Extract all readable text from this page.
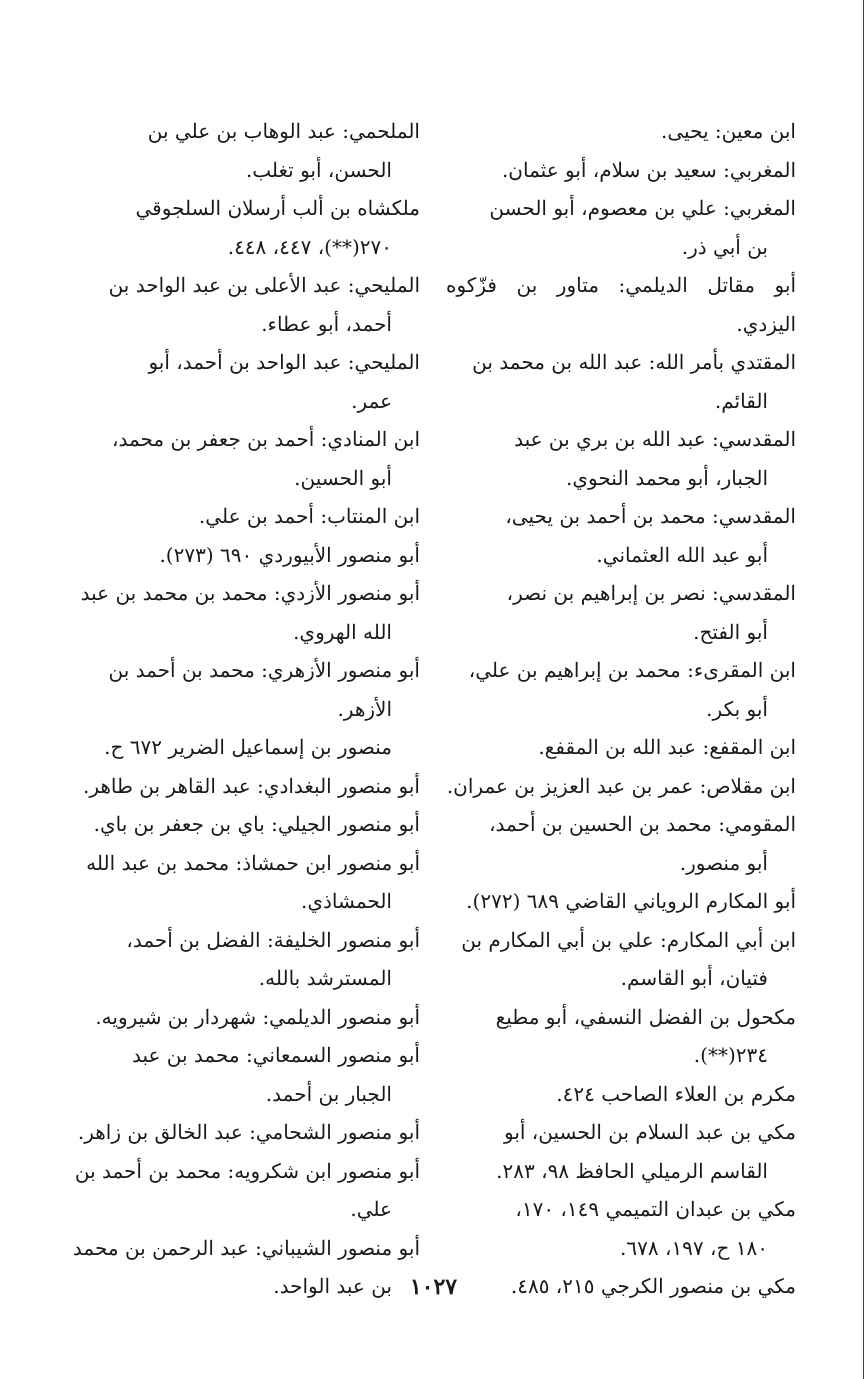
ابن معين: يحيى.
المغربي: سعيد بن سلام، أبو عثمان.
المغربي: علي بن معصوم، أبو الحسن
بن أبي ذر.
أبو مقاتل الديلمي: متاور بن فزّكوه اليزدي.
المقتدي بأمر الله: عبد الله بن محمد بن
القائم.
المقدسي: عبد الله بن بري بن عبد
الجبار، أبو محمد النحوي.
المقدسي: محمد بن أحمد بن يحيى،
أبو عبد الله العثماني.
المقدسي: نصر بن إبراهيم بن نصر،
أبو الفتح.
ابن المقرىء: محمد بن إبراهيم بن علي،
أبو بكر.
ابن المقفع: عبد الله بن المقفع.
ابن مقلاص: عمر بن عبد العزيز بن عمران.
المقومي: محمد بن الحسين بن أحمد،
أبو منصور.
أبو المكارم الروياني القاضي ٦٨٩ (٢٧٢).
ابن أبي المكارم: علي بن أبي المكارم بن
فتيان، أبو القاسم.
مكحول بن الفضل النسفي، أبو مطيع
٢٣٤(**).
مكرم بن العلاء الصاحب ٤٢٤.
مكي بن عبد السلام بن الحسين، أبو
القاسم الرميلي الحافظ ٩٨، ٢٨٣.
مكي بن عبدان التميمي ١٤٩، ١٧٠،
١٨٠ ح، ١٩٧، ٦٧٨.
مكي بن منصور الكرجي ٢١٥، ٤٨٥.
الملحمي: عبد الوهاب بن علي بن
الحسن، أبو تغلب.
ملكشاه بن ألب أرسلان السلجوقي
٢٧٠(**)، ٤٤٧، ٤٤٨.
المليحي: عبد الأعلى بن عبد الواحد بن
أحمد، أبو عطاء.
المليحي: عبد الواحد بن أحمد، أبو
عمر.
ابن المنادي: أحمد بن جعفر بن محمد،
أبو الحسين.
ابن المنتاب: أحمد بن علي.
أبو منصور الأبيوردي ٦٩٠ (٢٧٣).
أبو منصور الأزدي: محمد بن محمد بن عبد
الله الهروي.
أبو منصور الأزهري: محمد بن أحمد بن
الأزهر.
منصور بن إسماعيل الضرير ٦٧٢ ح.
أبو منصور البغدادي: عبد القاهر بن طاهر.
أبو منصور الجيلي: باي بن جعفر بن باي.
أبو منصور ابن حمشاذ: محمد بن عبد الله
الحمشاذي.
أبو منصور الخليفة: الفضل بن أحمد،
المسترشد بالله.
أبو منصور الديلمي: شهردار بن شيرويه.
أبو منصور السمعاني: محمد بن عبد
الجبار بن أحمد.
أبو منصور الشحامي: عبد الخالق بن زاهر.
أبو منصور ابن شكرويه: محمد بن أحمد بن
علي.
أبو منصور الشيباني: عبد الرحمن بن محمد
بن عبد الواحد. ١٠٢٧
